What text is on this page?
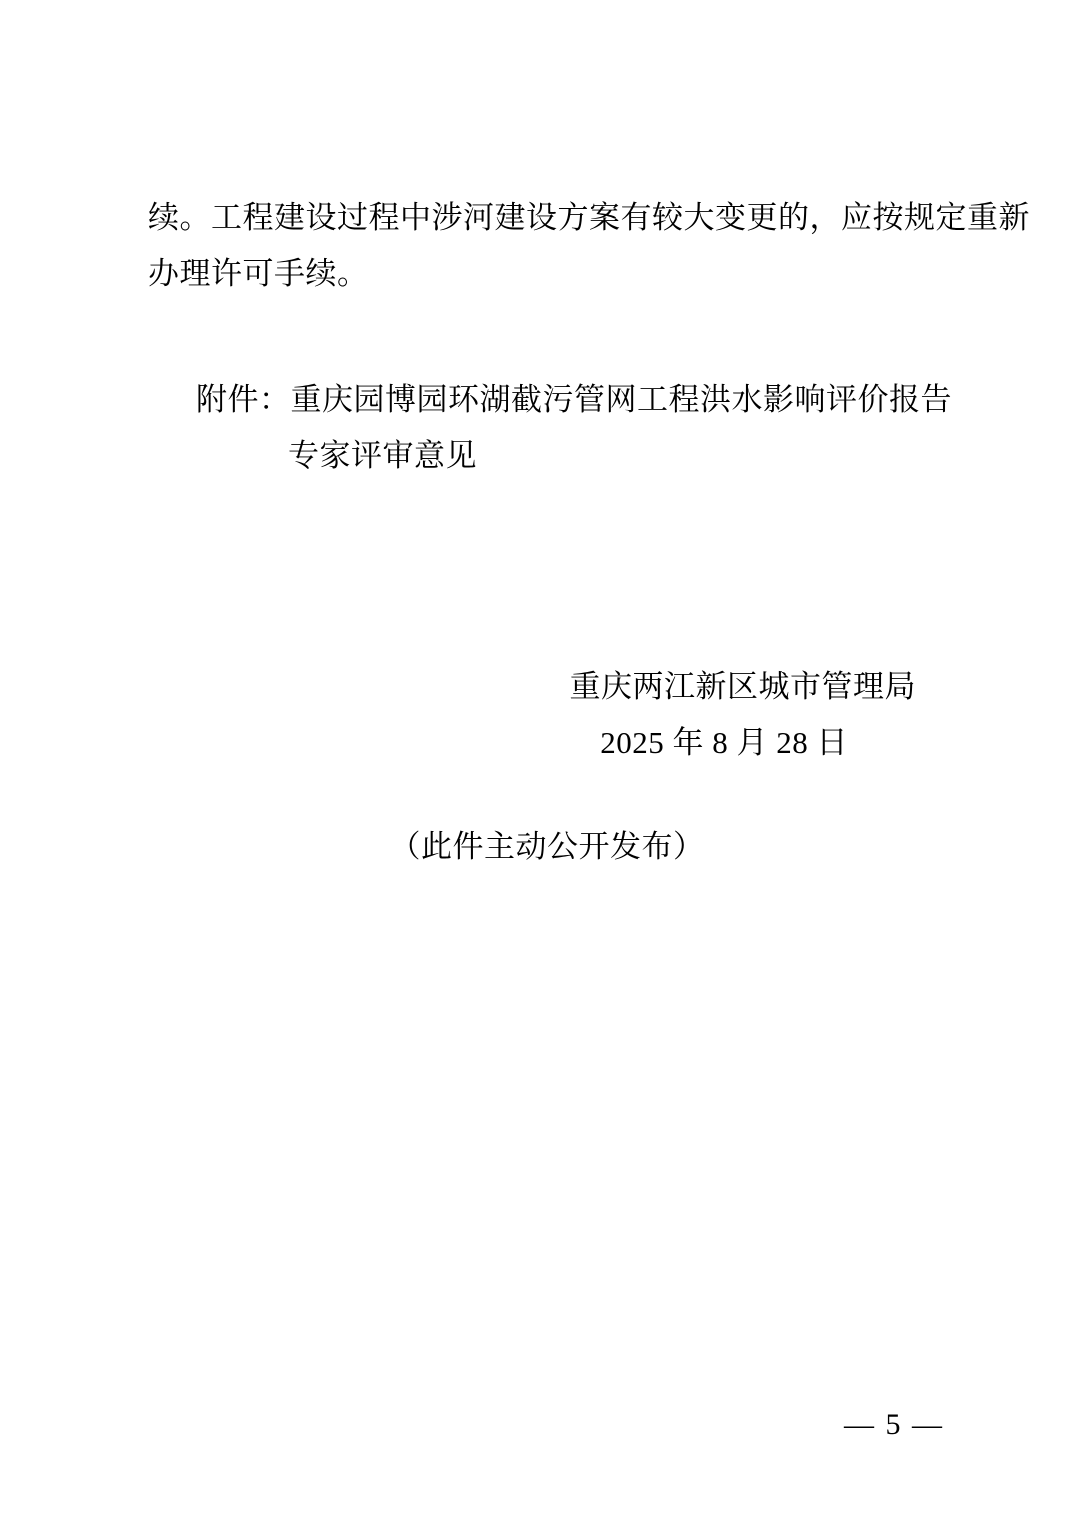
续。工程建设过程中涉河建设方案有较大变更的，应按规定重新
办理许可手续。
附件：重庆园博园环湖截污管网工程洪水影响评价报告
专家评审意见
重庆两江新区城市管理局
2025 年 8 月 28 日
（此件主动公开发布）
— 5 —
